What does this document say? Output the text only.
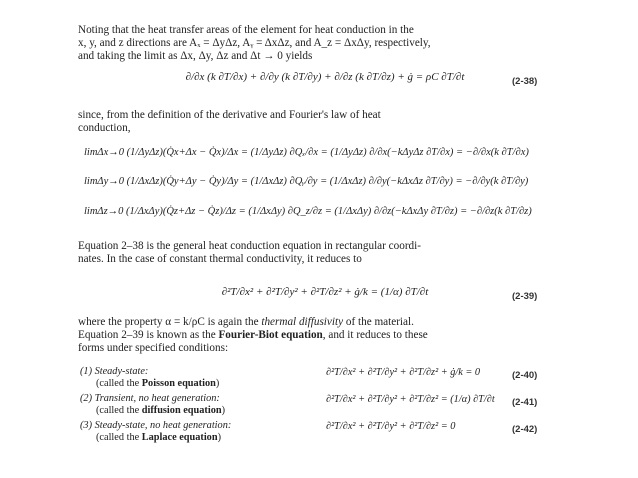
Noting that the heat transfer areas of the element for heat conduction in the
x, y, and z directions are Aₓ = ΔyΔz, Aᵧ = ΔxΔz, and A_z = ΔxΔy, respectively,
and taking the limit as Δx, Δy, Δz and Δt → 0 yields
∂/∂x (k ∂T/∂x) + ∂/∂y (k ∂T/∂y) + ∂/∂z (k ∂T/∂z) + ġ = ρC ∂T/∂t	(2-38)
since, from the definition of the derivative and Fourier's law of heat
conduction,
limΔx→0 (1/ΔyΔz)(Q̇x+Δx − Q̇x)/Δx = (1/ΔyΔz) ∂Qₓ/∂x = (1/ΔyΔz) ∂/∂x(−kΔyΔz ∂T/∂x) = −∂/∂x(k ∂T/∂x)
limΔy→0 (1/ΔxΔz)(Q̇y+Δy − Q̇y)/Δy = (1/ΔxΔz) ∂Qᵧ/∂y = (1/ΔxΔz) ∂/∂y(−kΔxΔz ∂T/∂y) = −∂/∂y(k ∂T/∂y)
limΔz→0 (1/ΔxΔy)(Q̇z+Δz − Q̇z)/Δz = (1/ΔxΔy) ∂Q_z/∂z = (1/ΔxΔy) ∂/∂z(−kΔxΔy ∂T/∂z) = −∂/∂z(k ∂T/∂z)
Equation 2–38 is the general heat conduction equation in rectangular coordi-
nates. In the case of constant thermal conductivity, it reduces to
∂²T/∂x² + ∂²T/∂y² + ∂²T/∂z² + ġ/k = (1/α) ∂T/∂t	(2-39)
where the property α = k/ρC is again the thermal diffusivity of the material.
Equation 2–39 is known as the Fourier-Biot equation, and it reduces to these
forms under specified conditions:
(1) Steady-state:
(called the Poisson equation)
∂²T/∂x² + ∂²T/∂y² + ∂²T/∂z² + ġ/k = 0	(2-40)
(2) Transient, no heat generation:
(called the diffusion equation)
∂²T/∂x² + ∂²T/∂y² + ∂²T/∂z² = (1/α) ∂T/∂t (2-41)
(3) Steady-state, no heat generation:
(called the Laplace equation)
∂²T/∂x² + ∂²T/∂y² + ∂²T/∂z² = 0	(2-42)
